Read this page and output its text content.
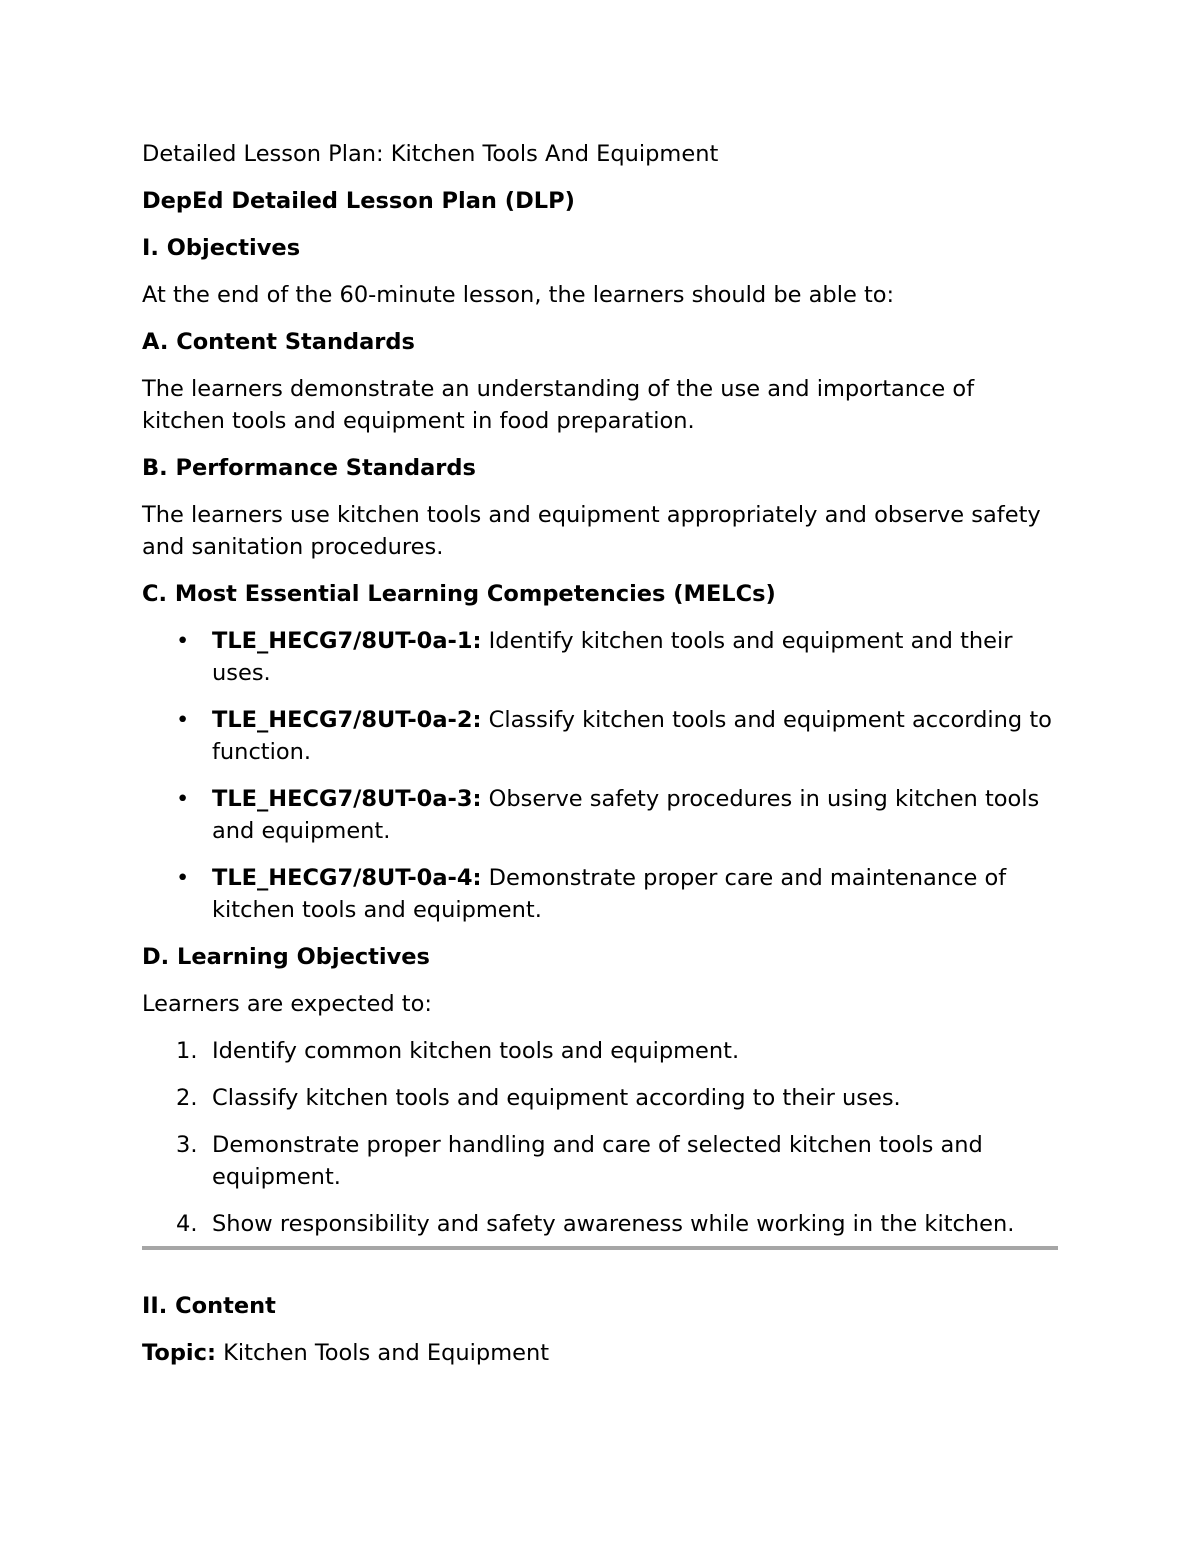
Detailed Lesson Plan: Kitchen Tools And Equipment

DepEd Detailed Lesson Plan (DLP)

I. Objectives

At the end of the 60-minute lesson, the learners should be able to:

A. Content Standards

The learners demonstrate an understanding of the use and importance of kitchen tools and equipment in food preparation.

B. Performance Standards

The learners use kitchen tools and equipment appropriately and observe safety and sanitation procedures.

C. Most Essential Learning Competencies (MELCs)

• TLE_HECG7/8UT-0a-1: Identify kitchen tools and equipment and their uses.
• TLE_HECG7/8UT-0a-2: Classify kitchen tools and equipment according to function.
• TLE_HECG7/8UT-0a-3: Observe safety procedures in using kitchen tools and equipment.
• TLE_HECG7/8UT-0a-4: Demonstrate proper care and maintenance of kitchen tools and equipment.

D. Learning Objectives

Learners are expected to:

1. Identify common kitchen tools and equipment.
2. Classify kitchen tools and equipment according to their uses.
3. Demonstrate proper handling and care of selected kitchen tools and equipment.
4. Show responsibility and safety awareness while working in the kitchen.

II. Content

Topic: Kitchen Tools and Equipment
